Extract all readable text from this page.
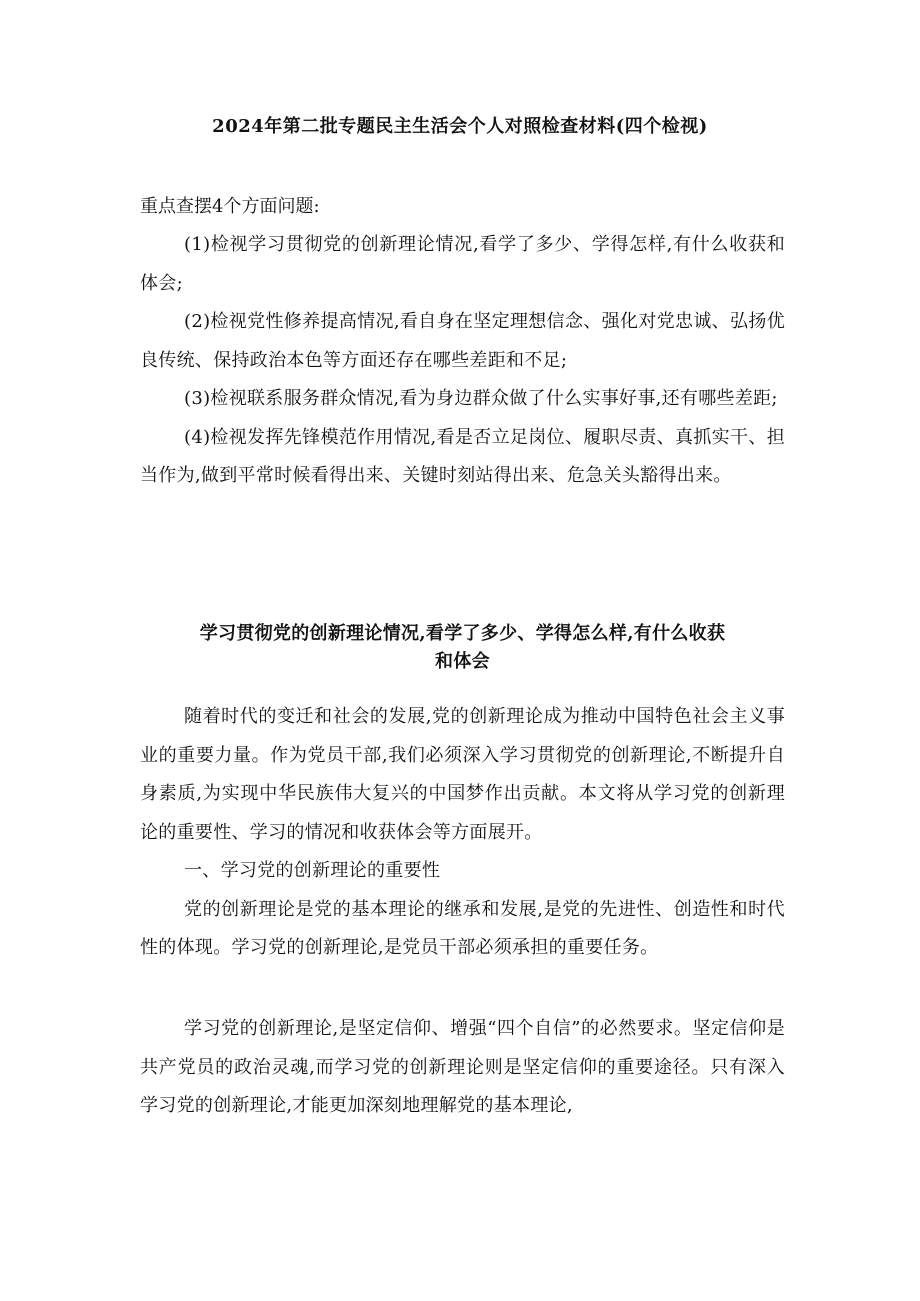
2024年第二批专题民主生活会个人对照检查材料(四个检视)
重点查摆4个方面问题:

(1)检视学习贯彻党的创新理论情况,看学了多少、学得怎样,有什么收获和体会;

(2)检视党性修养提高情况,看自身在坚定理想信念、强化对党忠诚、弘扬优良传统、保持政治本色等方面还存在哪些差距和不足;

(3)检视联系服务群众情况,看为身边群众做了什么实事好事,还有哪些差距;

(4)检视发挥先锋模范作用情况,看是否立足岗位、履职尽责、真抓实干、担当作为,做到平常时候看得出来、关键时刻站得出来、危急关头豁得出来。

学习贯彻党的创新理论情况,看学了多少、学得怎么样,有什么收获
和体会

随着时代的变迁和社会的发展,党的创新理论成为推动中国特色社会主义事业的重要力量。作为党员干部,我们必须深入学习贯彻党的创新理论,不断提升自身素质,为实现中华民族伟大复兴的中国梦作出贡献。本文将从学习党的创新理论的重要性、学习的情况和收获体会等方面展开。

一、学习党的创新理论的重要性

党的创新理论是党的基本理论的继承和发展,是党的先进性、创造性和时代性的体现。学习党的创新理论,是党员干部必须承担的重要任务。

学习党的创新理论,是坚定信仰、增强“四个自信”的必然要求。坚定信仰是共产党员的政治灵魂,而学习党的创新理论则是坚定信仰的重要途径。只有深入学习党的创新理论,才能更加深刻地理解党的基本理论,
